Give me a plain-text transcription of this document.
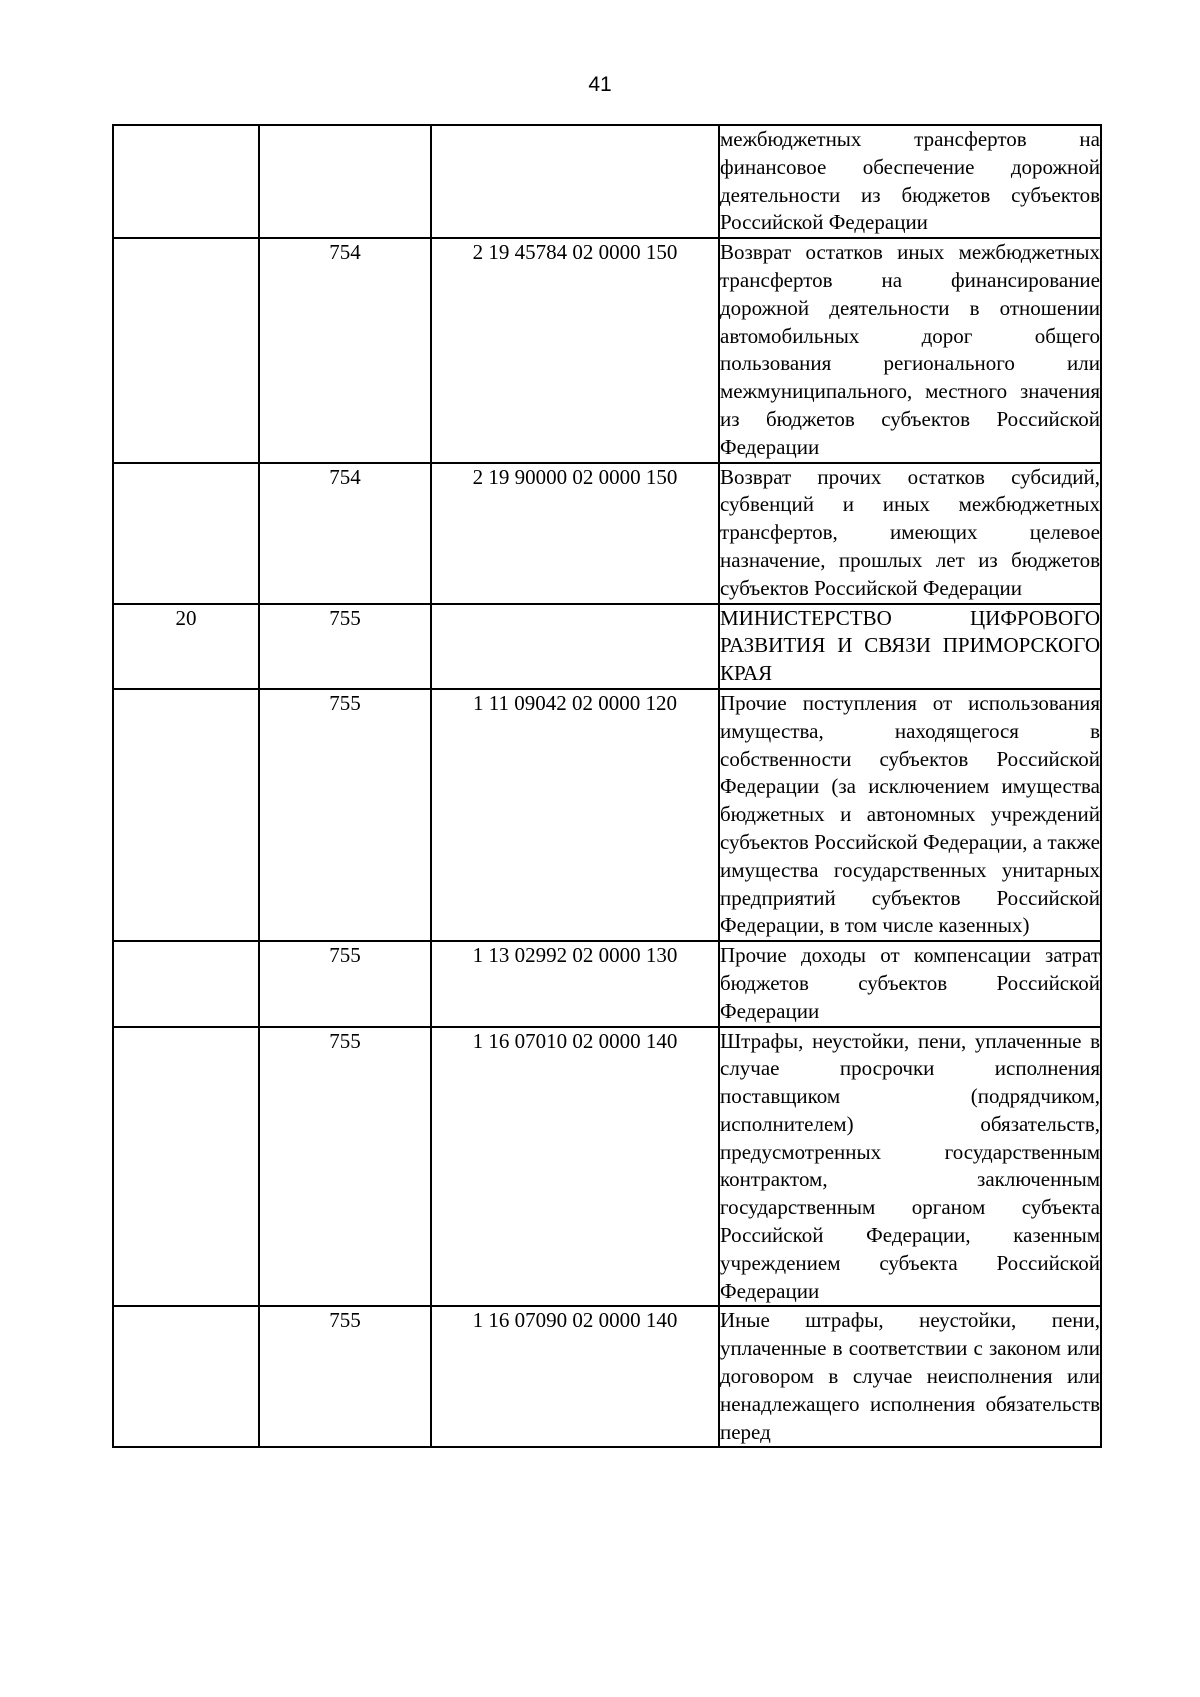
41
			межбюджетных трансфертов на финансовое обеспечение дорожной деятельности из бюджетов субъектов Российской Федерации
	754	2 19 45784 02 0000 150	Возврат остатков иных межбюджетных трансфертов на финансирование дорожной деятельности в отношении автомобильных дорог общего пользования регионального или межмуниципального, местного значения из бюджетов субъектов Российской Федерации
	754	2 19 90000 02 0000 150	Возврат прочих остатков субсидий, субвенций и иных межбюджетных трансфертов, имеющих целевое назначение, прошлых лет из бюджетов субъектов Российской Федерации
20	755		МИНИСТЕРСТВО ЦИФРОВОГО РАЗВИТИЯ И СВЯЗИ ПРИМОРСКОГО КРАЯ
	755	1 11 09042 02 0000 120	Прочие поступления от использования имущества, находящегося в собственности субъектов Российской Федерации (за исключением имущества бюджетных и автономных учреждений субъектов Российской Федерации, а также имущества государственных унитарных предприятий субъектов Российской Федерации, в том числе казенных)
	755	1 13 02992 02 0000 130	Прочие доходы от компенсации затрат бюджетов субъектов Российской Федерации
	755	1 16 07010 02 0000 140	Штрафы, неустойки, пени, уплаченные в случае просрочки исполнения поставщиком (подрядчиком, исполнителем) обязательств, предусмотренных государственным контрактом, заключенным государственным органом субъекта Российской Федерации, казенным учреждением субъекта Российской Федерации
	755	1 16 07090 02 0000 140	Иные штрафы, неустойки, пени, уплаченные в соответствии с законом или договором в случае неисполнения или ненадлежащего исполнения обязательств перед
